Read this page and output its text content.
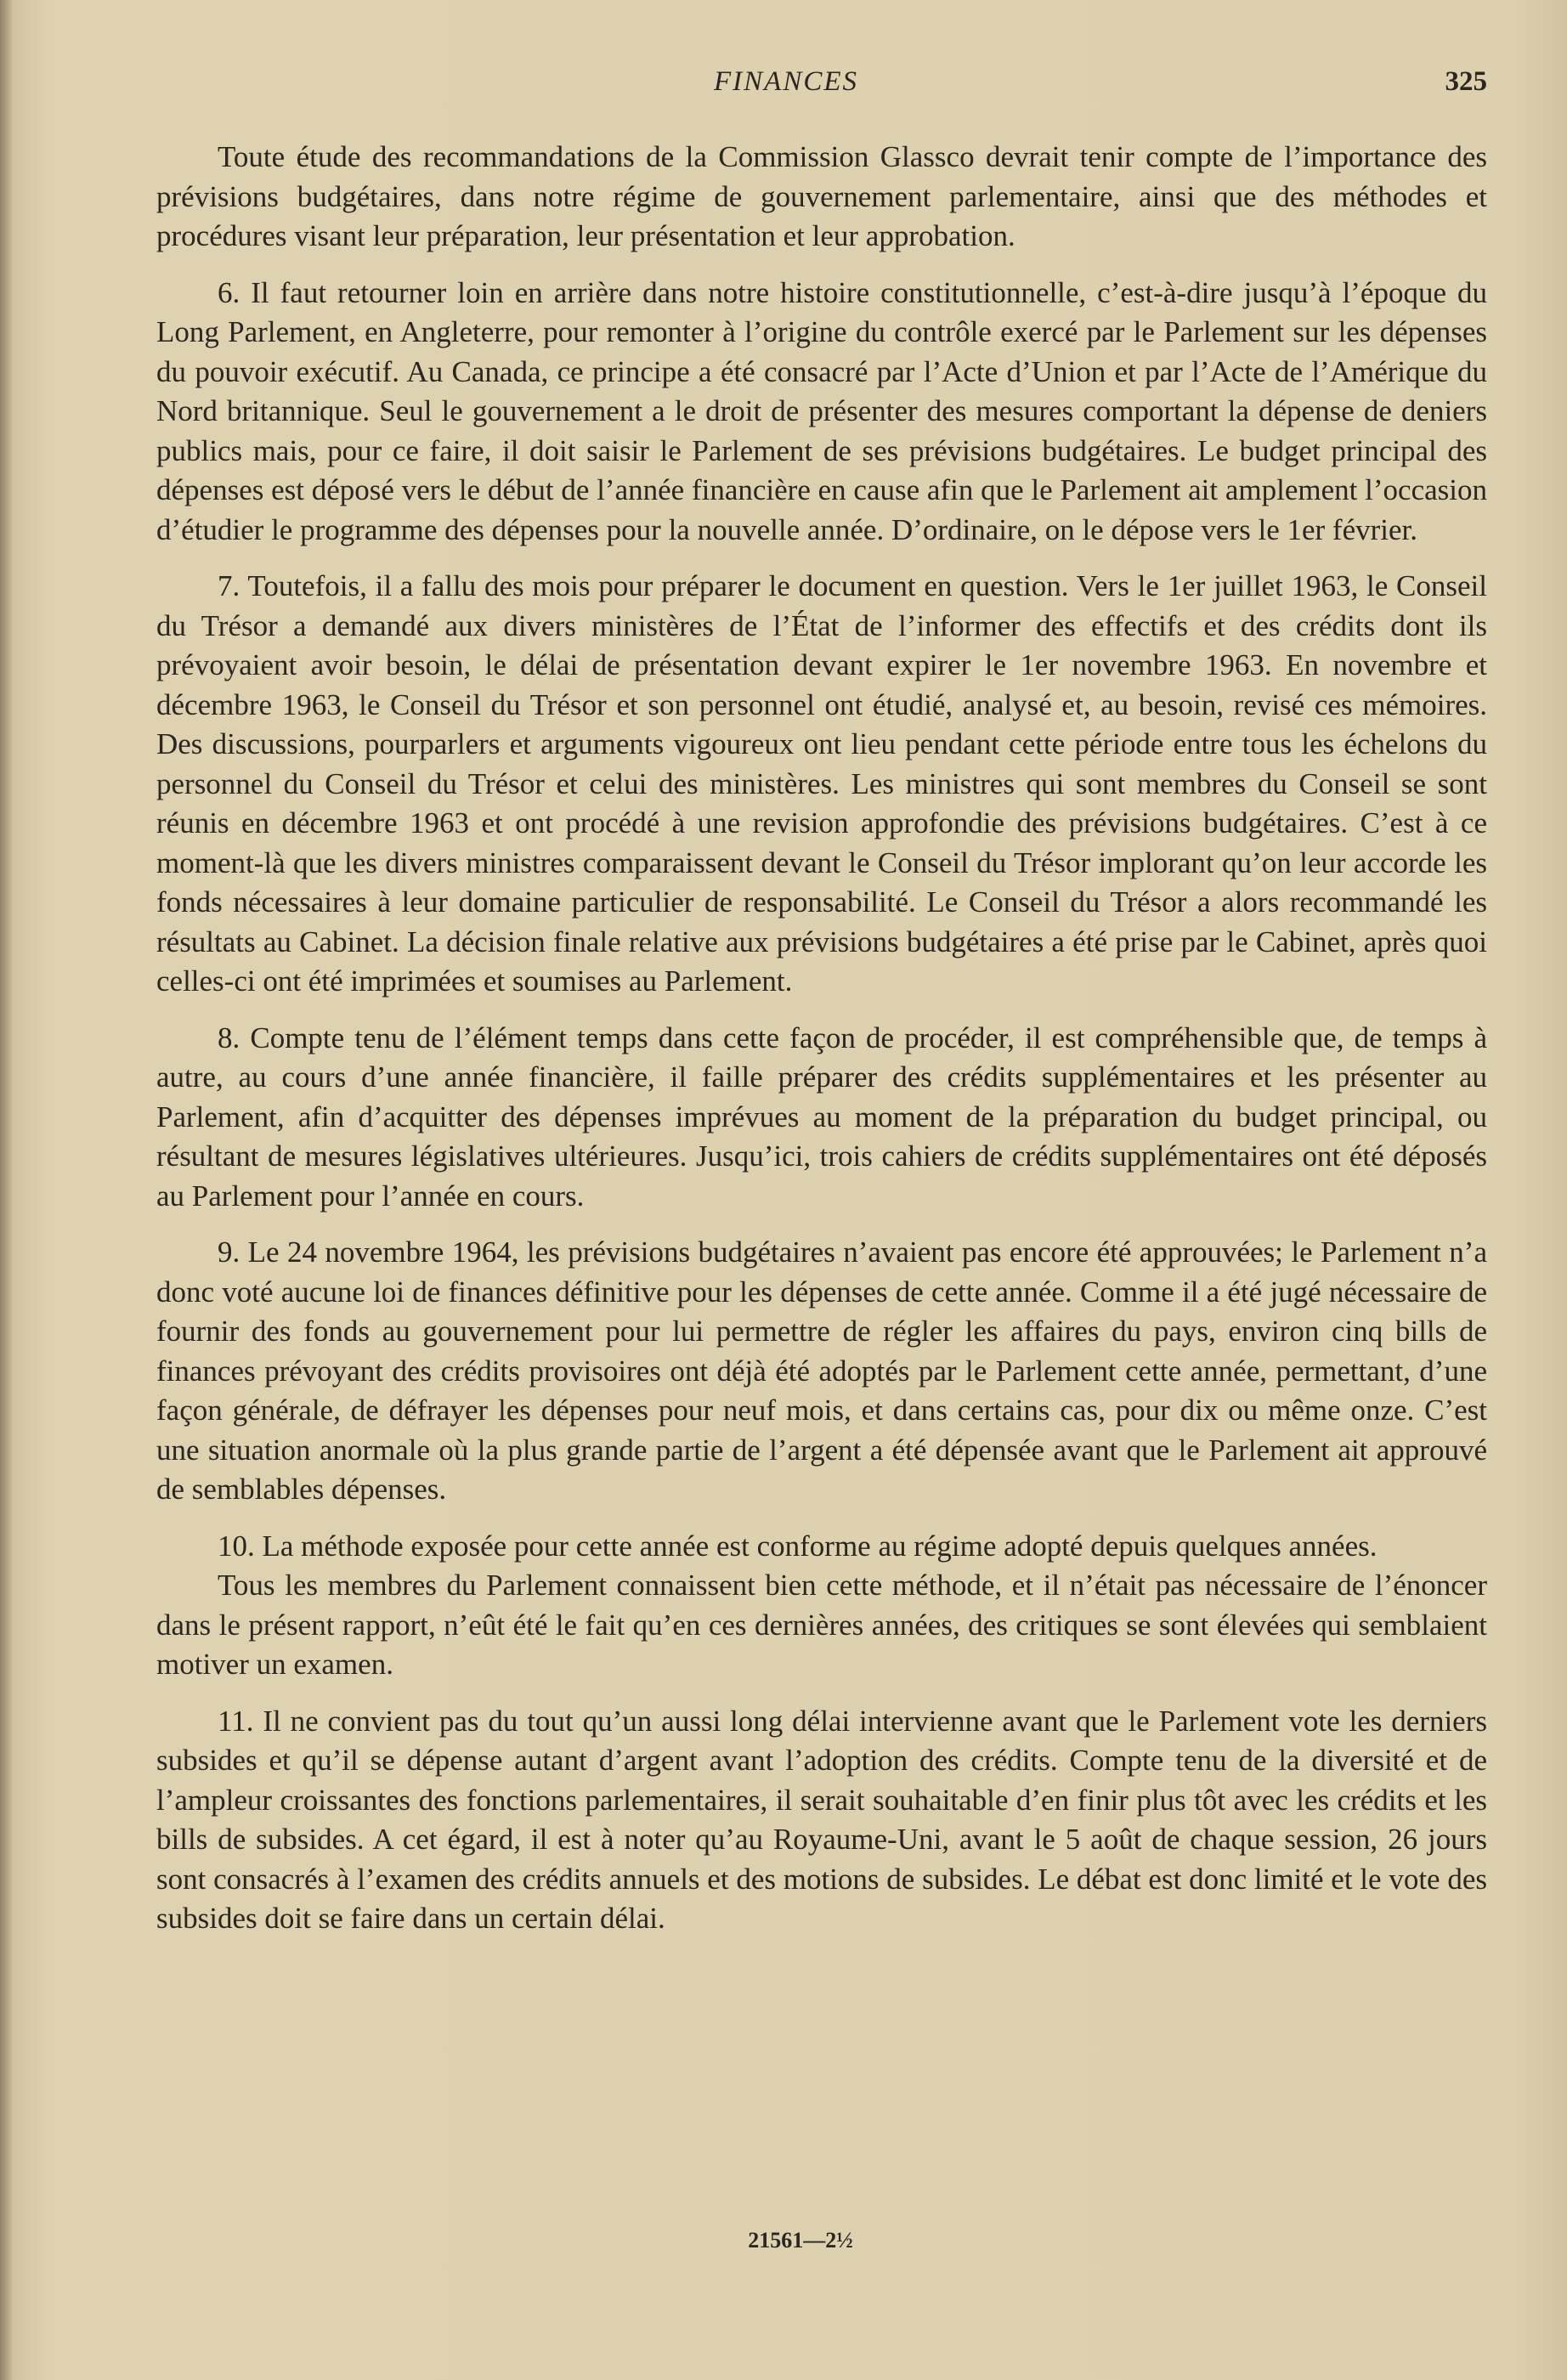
FINANCES	325

Toute étude des recommandations de la Commission Glassco devrait tenir compte de l’importance des prévisions budgétaires, dans notre régime de gouvernement parlementaire, ainsi que des méthodes et procédures visant leur préparation, leur présentation et leur approbation.

6. Il faut retourner loin en arrière dans notre histoire constitutionnelle, c’est-à-dire jusqu’à l’époque du Long Parlement, en Angleterre, pour remonter à l’origine du contrôle exercé par le Parlement sur les dépenses du pouvoir exécutif. Au Canada, ce principe a été consacré par l’Acte d’Union et par l’Acte de l’Amérique du Nord britannique. Seul le gouvernement a le droit de présenter des mesures comportant la dépense de deniers publics mais, pour ce faire, il doit saisir le Parlement de ses prévisions budgétaires. Le budget principal des dépenses est déposé vers le début de l’année financière en cause afin que le Parlement ait amplement l’occasion d’étudier le programme des dépenses pour la nouvelle année. D’ordinaire, on le dépose vers le 1er février.

7. Toutefois, il a fallu des mois pour préparer le document en question. Vers le 1er juillet 1963, le Conseil du Trésor a demandé aux divers ministères de l’État de l’informer des effectifs et des crédits dont ils prévoyaient avoir besoin, le délai de présentation devant expirer le 1er novembre 1963. En novembre et décembre 1963, le Conseil du Trésor et son personnel ont étudié, analysé et, au besoin, revisé ces mémoires. Des discussions, pourparlers et arguments vigoureux ont lieu pendant cette période entre tous les échelons du personnel du Conseil du Trésor et celui des ministères. Les ministres qui sont membres du Conseil se sont réunis en décembre 1963 et ont procédé à une revision approfondie des prévisions budgétaires. C’est à ce moment-là que les divers ministres comparaissent devant le Conseil du Trésor implorant qu’on leur accorde les fonds nécessaires à leur domaine particulier de responsabilité. Le Conseil du Trésor a alors recommandé les résultats au Cabinet. La décision finale relative aux prévisions budgétaires a été prise par le Cabinet, après quoi celles-ci ont été imprimées et soumises au Parlement.

8. Compte tenu de l’élément temps dans cette façon de procéder, il est compréhensible que, de temps à autre, au cours d’une année financière, il faille préparer des crédits supplémentaires et les présenter au Parlement, afin d’acquitter des dépenses imprévues au moment de la préparation du budget principal, ou résultant de mesures législatives ultérieures. Jusqu’ici, trois cahiers de crédits supplémentaires ont été déposés au Parlement pour l’année en cours.

9. Le 24 novembre 1964, les prévisions budgétaires n’avaient pas encore été approuvées; le Parlement n’a donc voté aucune loi de finances définitive pour les dépenses de cette année. Comme il a été jugé nécessaire de fournir des fonds au gouvernement pour lui permettre de régler les affaires du pays, environ cinq bills de finances prévoyant des crédits provisoires ont déjà été adoptés par le Parlement cette année, permettant, d’une façon générale, de défrayer les dépenses pour neuf mois, et dans certains cas, pour dix ou même onze. C’est une situation anormale où la plus grande partie de l’argent a été dépensée avant que le Parlement ait approuvé de semblables dépenses.

10. La méthode exposée pour cette année est conforme au régime adopté depuis quelques années.

Tous les membres du Parlement connaissent bien cette méthode, et il n’était pas nécessaire de l’énoncer dans le présent rapport, n’eût été le fait qu’en ces dernières années, des critiques se sont élevées qui semblaient motiver un examen.

11. Il ne convient pas du tout qu’un aussi long délai intervienne avant que le Parlement vote les derniers subsides et qu’il se dépense autant d’argent avant l’adoption des crédits. Compte tenu de la diversité et de l’ampleur croissantes des fonctions parlementaires, il serait souhaitable d’en finir plus tôt avec les crédits et les bills de subsides. A cet égard, il est à noter qu’au Royaume-Uni, avant le 5 août de chaque session, 26 jours sont consacrés à l’examen des crédits annuels et des motions de subsides. Le débat est donc limité et le vote des subsides doit se faire dans un certain délai.

21561—2½
